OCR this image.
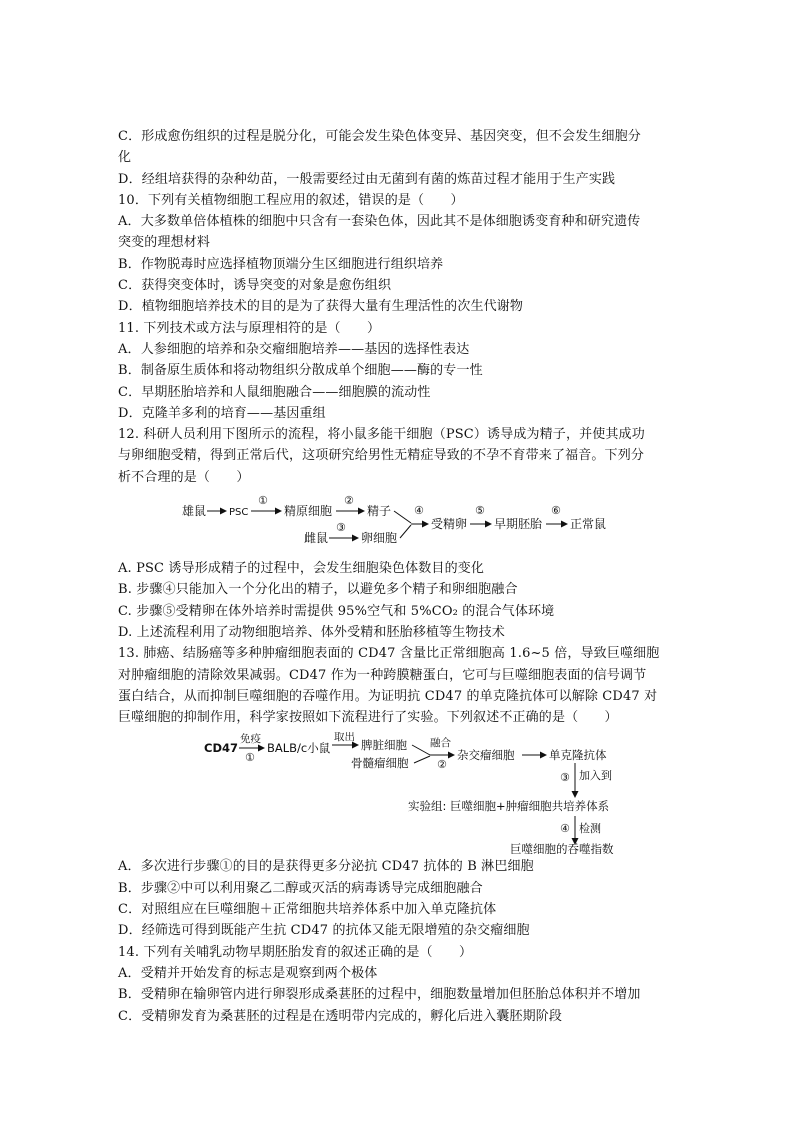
C．形成愈伤组织的过程是脱分化，可能会发生染色体变异、基因突变，但不会发生细胞分
化
D．经组培获得的杂种幼苗，一般需要经过由无菌到有菌的炼苗过程才能用于生产实践
10．下列有关植物细胞工程应用的叙述，错误的是（　　）
A．大多数单倍体植株的细胞中只含有一套染色体，因此其不是体细胞诱变育种和研究遗传
突变的理想材料
B．作物脱毒时应选择植物顶端分生区细胞进行组织培养
C．获得突变体时，诱导突变的对象是愈伤组织
D．植物细胞培养技术的目的是为了获得大量有生理活性的次生代谢物
11. 下列技术或方法与原理相符的是（　　）
A．人参细胞的培养和杂交瘤细胞培养——基因的选择性表达
B．制备原生质体和将动物组织分散成单个细胞——酶的专一性
C．早期胚胎培养和人鼠细胞融合——细胞膜的流动性
D．克隆羊多利的培育——基因重组
12. 科研人员利用下图所示的流程，将小鼠多能干细胞（PSC）诱导成为精子，并使其成功
与卵细胞受精，得到正常后代，这项研究给男性无精症导致的不孕不育带来了福音。下列分
析不合理的是（　　）
雄鼠 PSC
①
精原细胞
②
精子
雌鼠
③
卵细胞
④
受精卵
⑤
早期胚胎
⑥
正常鼠
A. PSC 诱导形成精子的过程中，会发生细胞染色体数目的变化
B. 步骤④只能加入一个分化出的精子，以避免多个精子和卵细胞融合
C. 步骤⑤受精卵在体外培养时需提供 95%空气和 5%CO₂ 的混合气体环境
D. 上述流程利用了动物细胞培养、体外受精和胚胎移植等生物技术
13. 肺癌、结肠癌等多种肿瘤细胞表面的 CD47 含量比正常细胞高 1.6~5 倍，导致巨噬细胞
对肿瘤细胞的清除效果减弱。CD47 作为一种跨膜糖蛋白，它可与巨噬细胞表面的信号调节
蛋白结合，从而抑制巨噬细胞的吞噬作用。为证明抗 CD47 的单克隆抗体可以解除 CD47 对
巨噬细胞的抑制作用，科学家按照如下流程进行了实验。下列叙述不正确的是（　　）
CD47
免疫
①
BALB/c小鼠
取出
脾脏细胞
骨髓瘤细胞
融合
②
杂交瘤细胞	单克隆抗体
③ 加入到
实验组: 巨噬细胞+肿瘤细胞共培养体系
④ 检测
巨噬细胞的吞噬指数
A．多次进行步骤①的目的是获得更多分泌抗 CD47 抗体的 B 淋巴细胞
B．步骤②中可以利用聚乙二醇或灭活的病毒诱导完成细胞融合
C．对照组应在巨噬细胞＋正常细胞共培养体系中加入单克隆抗体
D．经筛选可得到既能产生抗 CD47 的抗体又能无限增殖的杂交瘤细胞
14. 下列有关哺乳动物早期胚胎发育的叙述正确的是（　　）
A．受精并开始发育的标志是观察到两个极体
B．受精卵在输卵管内进行卵裂形成桑葚胚的过程中，细胞数量增加但胚胎总体积并不增加
C．受精卵发育为桑葚胚的过程是在透明带内完成的，孵化后进入囊胚期阶段
